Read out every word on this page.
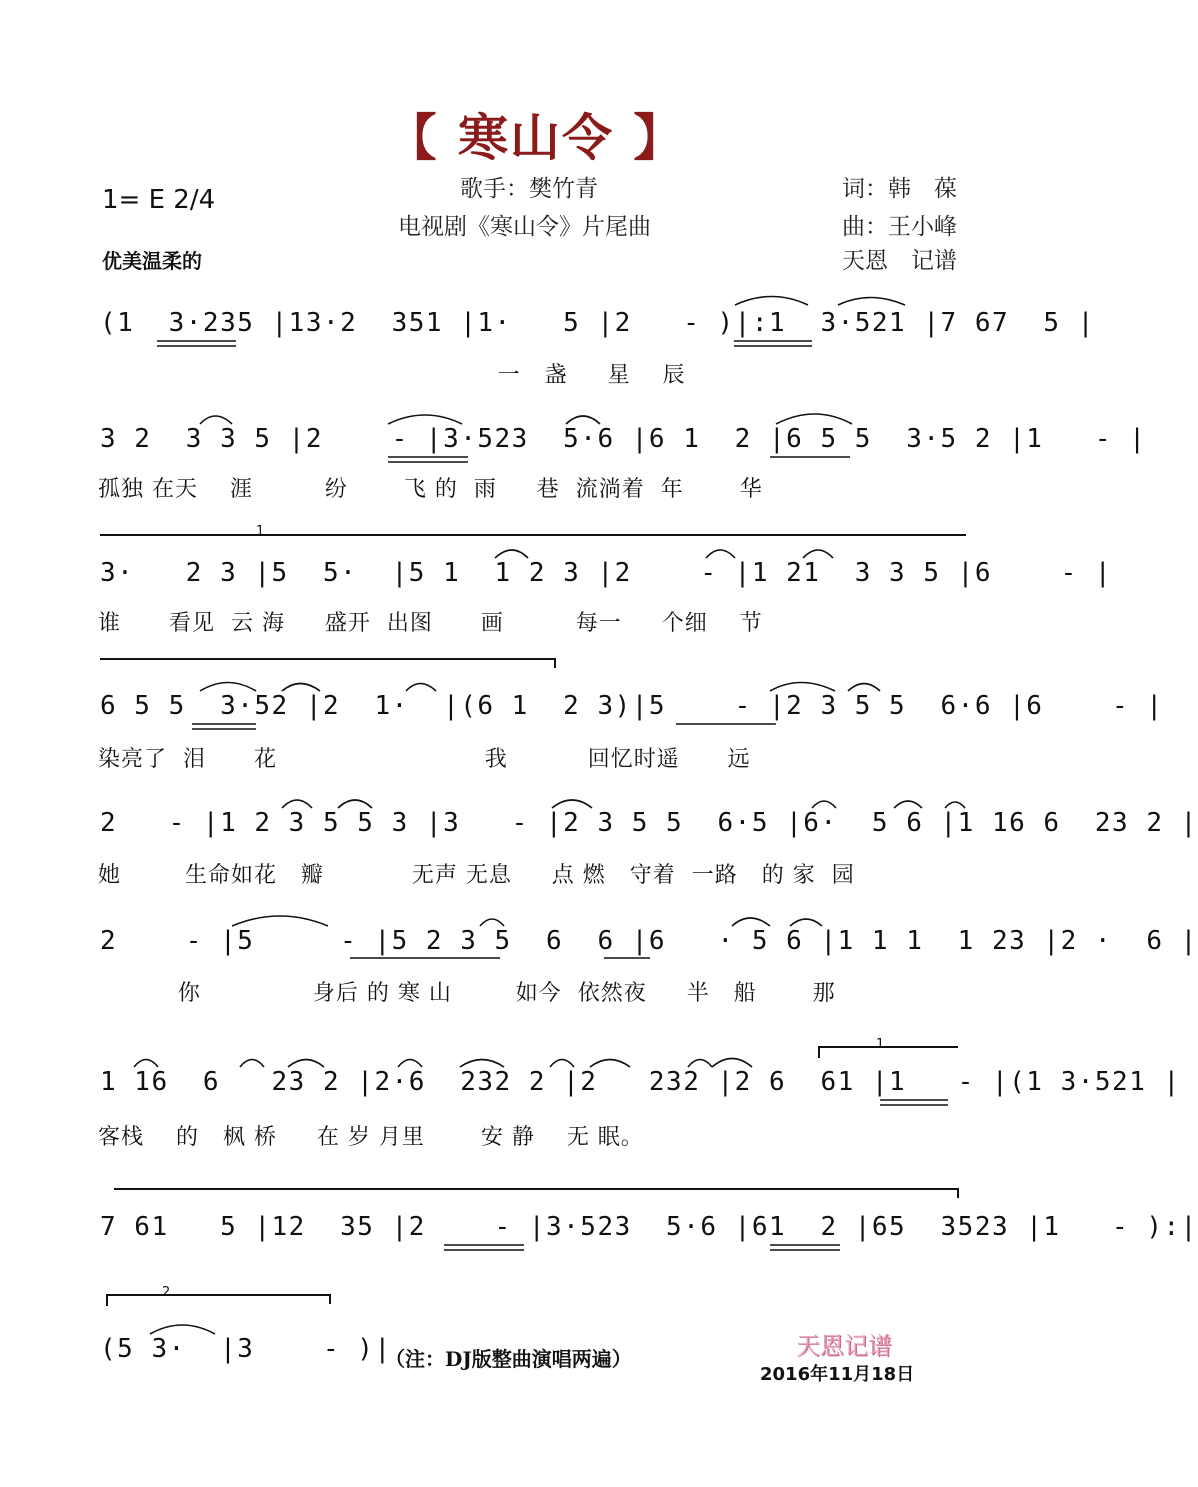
【 寒山令 】
歌手：樊竹青
电视剧《寒山令》片尾曲
词：韩　葆
曲：王小峰
天恩　记谱
1= E 2/4
优美温柔的
(1  3·235 |13·2  351 |1·   5 |2   - )|:1  3·521 |7 67  5 |
一   盏     星    辰
3 2  3 3 5 |2    - |3·523  5·6 |6 1  2 |6 5 5  3·5 2 |1   - |
孤独 在天    涯         纷       飞 的  雨     巷  流淌着  年       华
3·   2 3 |5  5·  |5 1  1 2 3 |2    - |1 21  3 3 5 |6    - |
谁      看见  云 海     盛开  出图      画         每一     个细    节
6 5 5  3·52 |2  1·  |(6 1  2 3)|5    - |2 3 5 5  6·6 |6    - |
染亮了  泪      花                          我          回忆时遥      远
2   - |1 2 3 5 5 3 |3   - |2 3 5 5  6·5 |6·  5 6 |1 16 6  23 2 |
她        生命如花   瓣           无声 无息     点 燃   守着  一路   的 家  园
2    - |5     - |5 2 3 5  6  6 |6   · 5 6 |1 1 1  1 23 |2 ·  6 |
你              身后 的 寒 山        如今  依然夜     半   船       那
1 16  6   23 2 |2·6  232 2 |2   232 |2 6  61 |1   - |(1 3·521 |
客栈    的   枫 桥     在 岁 月里       安 静    无 眠。
7 61   5 |12  35 |2    - |3·523  5·6 |61  2 |65  3523 |1   - ):|
(5 3·  |3    - )|
1
1
2
（注：DJ版整曲演唱两遍）	天恩记谱
2016年11月18日
